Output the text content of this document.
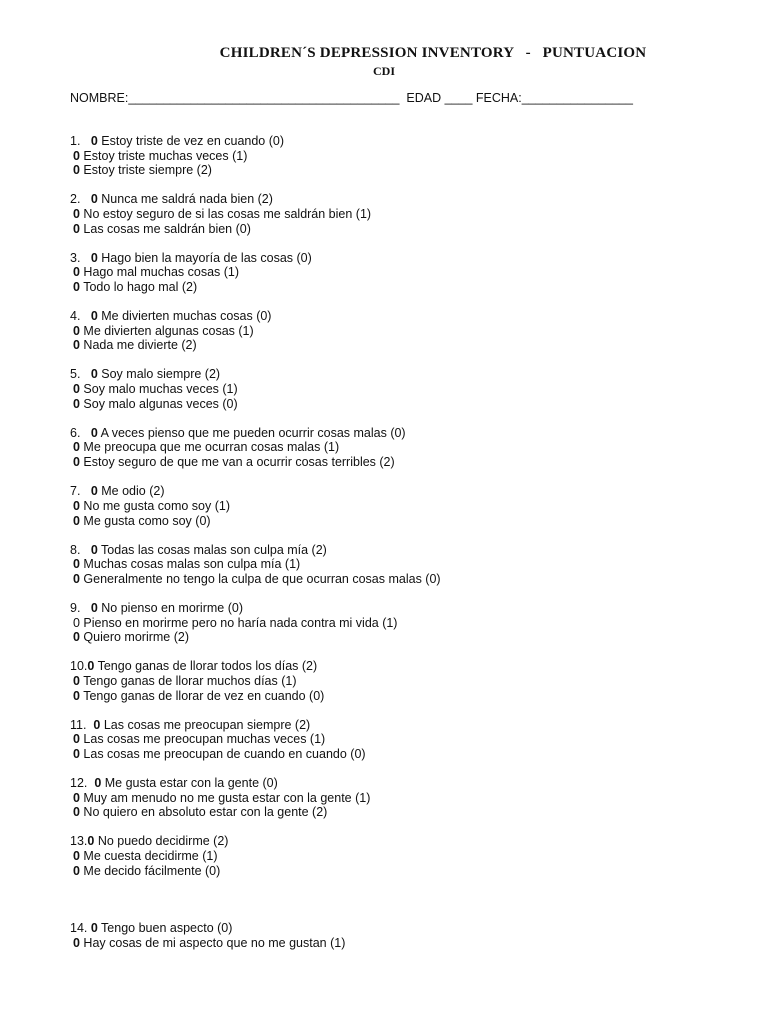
CHILDREN´S DEPRESSION INVENTORY   -   PUNTUACION
CDI
NOMBRE:_______________________________________  EDAD ____ FECHA:________________
1.   0 Estoy triste de vez en cuando (0)
0 Estoy triste muchas veces (1)
0 Estoy triste siempre (2)
2.   0 Nunca me saldrá nada bien (2)
0 No estoy seguro de si las cosas me saldrán bien (1)
0 Las cosas me saldrán bien (0)
3.   0 Hago bien la mayoría de las cosas (0)
0 Hago mal muchas cosas (1)
0 Todo lo hago mal (2)
4.   0 Me divierten muchas cosas (0)
0 Me divierten algunas cosas (1)
0 Nada me divierte (2)
5.   0 Soy malo siempre (2)
0 Soy malo muchas veces (1)
0 Soy malo algunas veces (0)
6.   0 A veces pienso que me pueden ocurrir cosas malas (0)
0 Me preocupa que me ocurran cosas malas (1)
0 Estoy seguro de que me van a ocurrir cosas terribles (2)
7.   0 Me odio (2)
0 No me gusta como soy (1)
0 Me gusta como soy (0)
8.   0 Todas las cosas malas son culpa mía (2)
0 Muchas cosas malas son culpa mía (1)
0 Generalmente no tengo la culpa de que ocurran cosas malas (0)
9.   0 No pienso en morirme (0)
0 Pienso en morirme pero no haría nada contra mi vida (1)
0 Quiero morirme (2)
10.0 Tengo ganas de llorar todos los días (2)
0 Tengo ganas de llorar muchos días (1)
0 Tengo ganas de llorar de vez en cuando (0)
11.  0 Las cosas me preocupan siempre (2)
0 Las cosas me preocupan muchas veces (1)
0 Las cosas me preocupan de cuando en cuando (0)
12.  0 Me gusta estar con la gente (0)
0 Muy am menudo no me gusta estar con la gente (1)
0 No quiero en absoluto estar con la gente (2)
13.0 No puedo decidirme (2)
0 Me cuesta decidirme (1)
0 Me decido fácilmente (0)
14. 0 Tengo buen aspecto (0)
0 Hay cosas de mi aspecto que no me gustan (1)
